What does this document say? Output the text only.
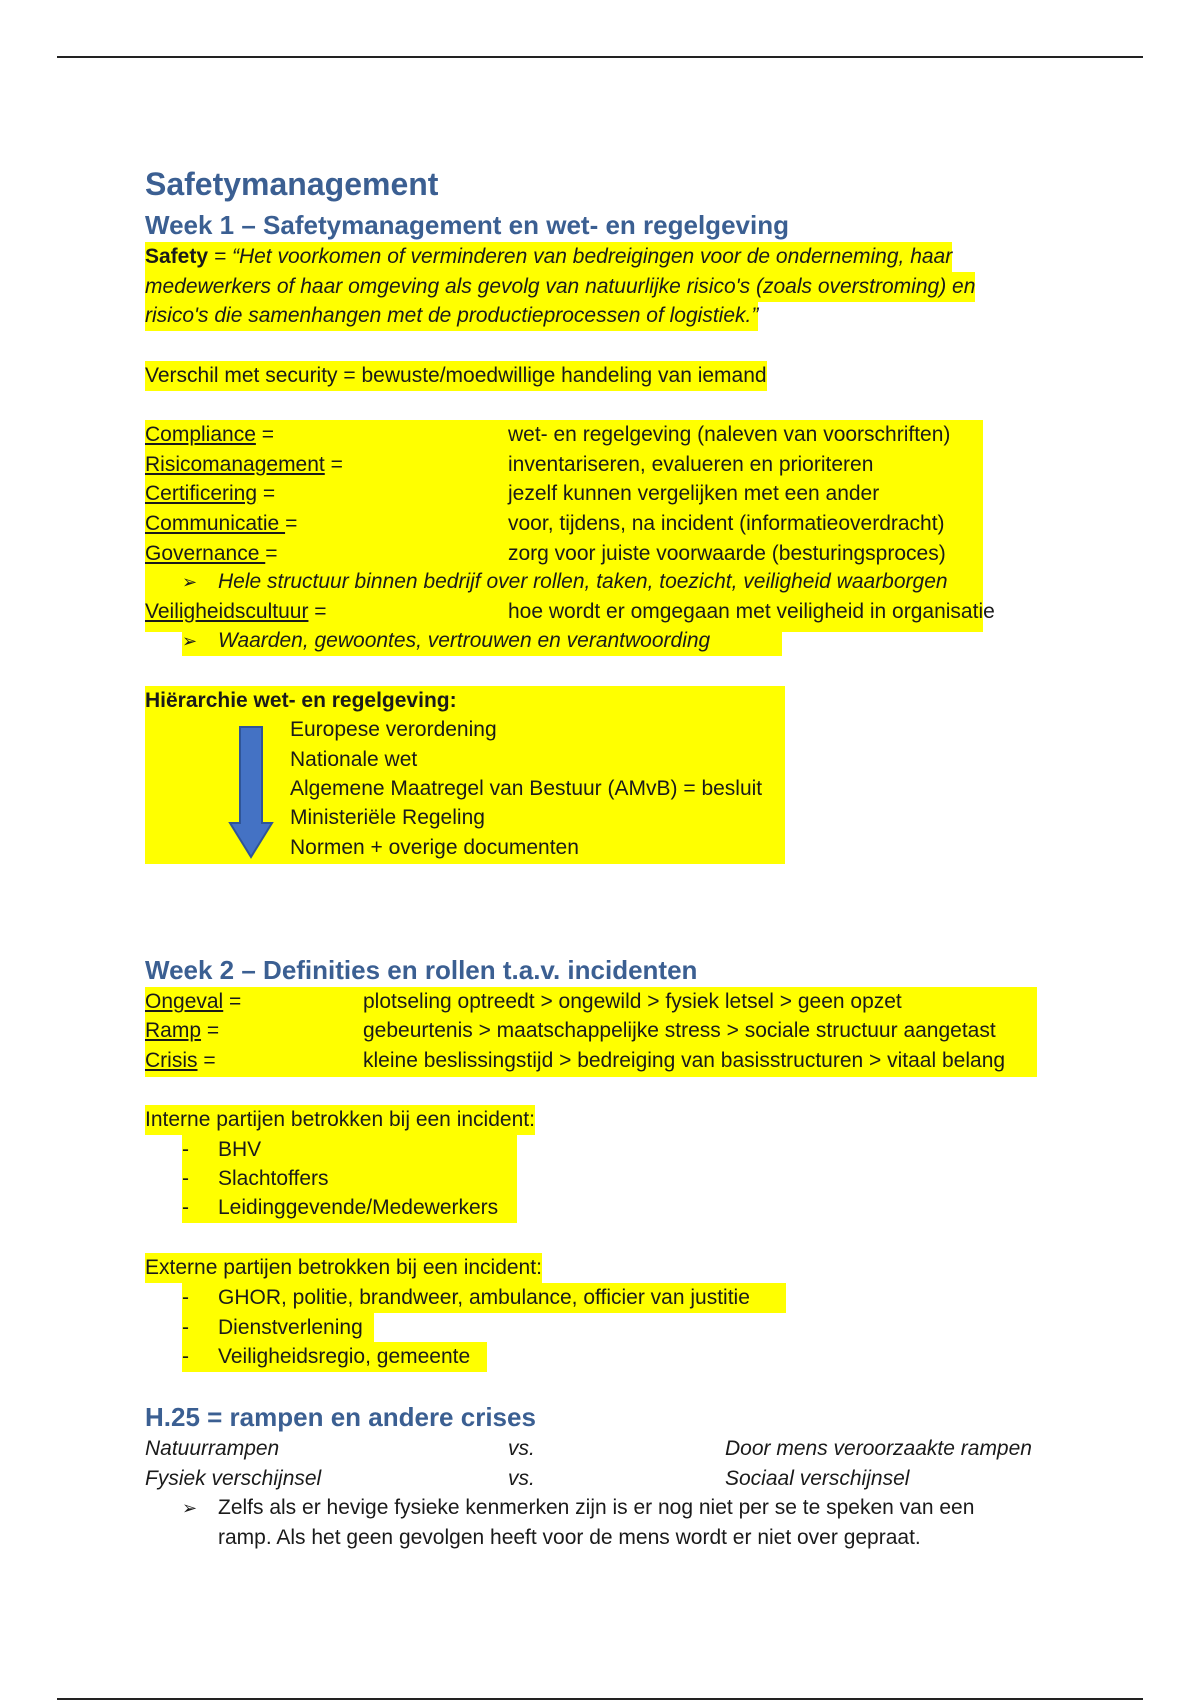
Safetymanagement
Week 1 – Safetymanagement en wet- en regelgeving
Safety = “Het voorkomen of verminderen van bedreigingen voor de onderneming, haar
medewerkers of haar omgeving als gevolg van natuurlijke risico's (zoals overstroming) en
risico's die samenhangen met de productieprocessen of logistiek.”
Verschil met security = bewuste/moedwillige handeling van iemand
Compliance =	wet- en regelgeving (naleven van voorschriften)
Risicomanagement =	inventariseren, evalueren en prioriteren
Certificering =	jezelf kunnen vergelijken met een ander
Communicatie =	voor, tijdens, na incident (informatieoverdracht)
Governance =	zorg voor juiste voorwaarde (besturingsproces)
➢ Hele structuur binnen bedrijf over rollen, taken, toezicht, veiligheid waarborgen
Veiligheidscultuur =	hoe wordt er omgegaan met veiligheid in organisatie
➢ Waarden, gewoontes, vertrouwen en verantwoording
Hiërarchie wet- en regelgeving:
Europese verordening
Nationale wet
Algemene Maatregel van Bestuur (AMvB) = besluit
Ministeriële Regeling
Normen + overige documenten
Week 2 – Definities en rollen t.a.v. incidenten
Ongeval =	plotseling optreedt > ongewild > fysiek letsel > geen opzet
Ramp =	gebeurtenis > maatschappelijke stress > sociale structuur aangetast
Crisis =	kleine beslissingstijd > bedreiging van basisstructuren > vitaal belang
Interne partijen betrokken bij een incident:
- BHV
- Slachtoffers
- Leidinggevende/Medewerkers
Externe partijen betrokken bij een incident:
- GHOR, politie, brandweer, ambulance, officier van justitie
- Dienstverlening
- Veiligheidsregio, gemeente
H.25 = rampen en andere crises
Natuurrampen	vs.	Door mens veroorzaakte rampen
Fysiek verschijnsel	vs.	Sociaal verschijnsel
➢ Zelfs als er hevige fysieke kenmerken zijn is er nog niet per se te speken van een
ramp. Als het geen gevolgen heeft voor de mens wordt er niet over gepraat.
